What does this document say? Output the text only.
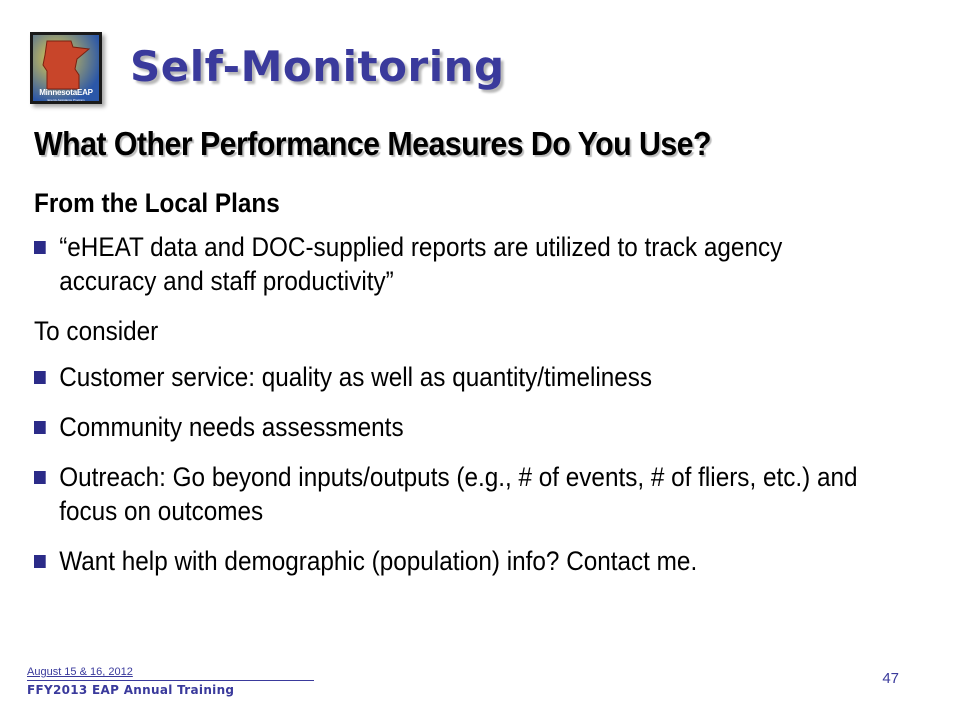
MinnesotaEAP
Energy Assistance Program
Self-Monitoring
What Other Performance Measures Do You Use?
From the Local Plans
“eHEAT data and DOC-supplied reports are utilized to track agency accuracy and staff productivity”
To consider
Customer service: quality as well as quantity/timeliness
Community needs assessments
Outreach: Go beyond inputs/outputs (e.g., # of events, # of fliers, etc.) and focus on outcomes
Want help with demographic (population) info? Contact me.
August 15 & 16, 2012
FFY2013 EAP Annual Training
47
